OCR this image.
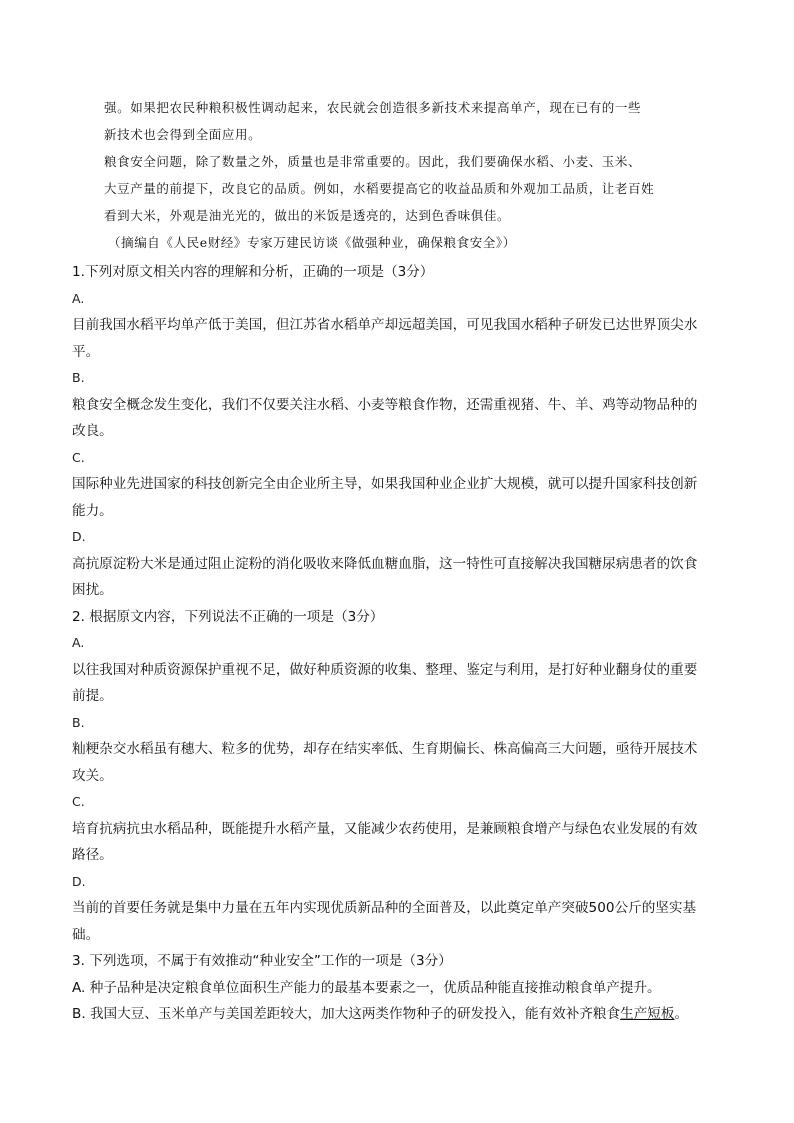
强。如果把农民种粮积极性调动起来，农民就会创造很多新技术来提高单产，现在已有的一些
新技术也会得到全面应用。
粮食安全问题，除了数量之外，质量也是非常重要的。因此，我们要确保水稻、小麦、玉米、
大豆产量的前提下，改良它的品质。例如，水稻要提高它的收益品质和外观加工品质，让老百姓
看到大米，外观是油光光的，做出的米饭是透亮的，达到色香味俱佳。
（摘编自《人民e财经》专家万建民访谈《做强种业，确保粮食安全》）
1.下列对原文相关内容的理解和分析，正确的一项是（3分）
A.
目前我国水稻平均单产低于美国，但江苏省水稻单产却远超美国，可见我国水稻种子研发已达世界顶尖水
平。
B.
粮食安全概念发生变化，我们不仅要关注水稻、小麦等粮食作物，还需重视猪、牛、羊、鸡等动物品种的
改良。
C.
国际种业先进国家的科技创新完全由企业所主导，如果我国种业企业扩大规模，就可以提升国家科技创新
能力。
D.
高抗原淀粉大米是通过阻止淀粉的消化吸收来降低血糖血脂，这一特性可直接解决我国糖尿病患者的饮食
困扰。
2. 根据原文内容，下列说法不正确的一项是（3分）
A.
以往我国对种质资源保护重视不足，做好种质资源的收集、整理、鉴定与利用，是打好种业翻身仗的重要
前提。
B.
籼粳杂交水稻虽有穗大、粒多的优势，却存在结实率低、生育期偏长、株高偏高三大问题，亟待开展技术
攻关。
C.
培育抗病抗虫水稻品种，既能提升水稻产量，又能减少农药使用，是兼顾粮食增产与绿色农业发展的有效
路径。
D.
当前的首要任务就是集中力量在五年内实现优质新品种的全面普及，以此奠定单产突破500公斤的坚实基
础。
3. 下列选项，不属于有效推动“种业安全”工作的一项是（3分）
A. 种子品种是决定粮食单位面积生产能力的最基本要素之一，优质品种能直接推动粮食单产提升。
B. 我国大豆、玉米单产与美国差距较大，加大这两类作物种子的研发投入，能有效补齐粮食生产短板。
